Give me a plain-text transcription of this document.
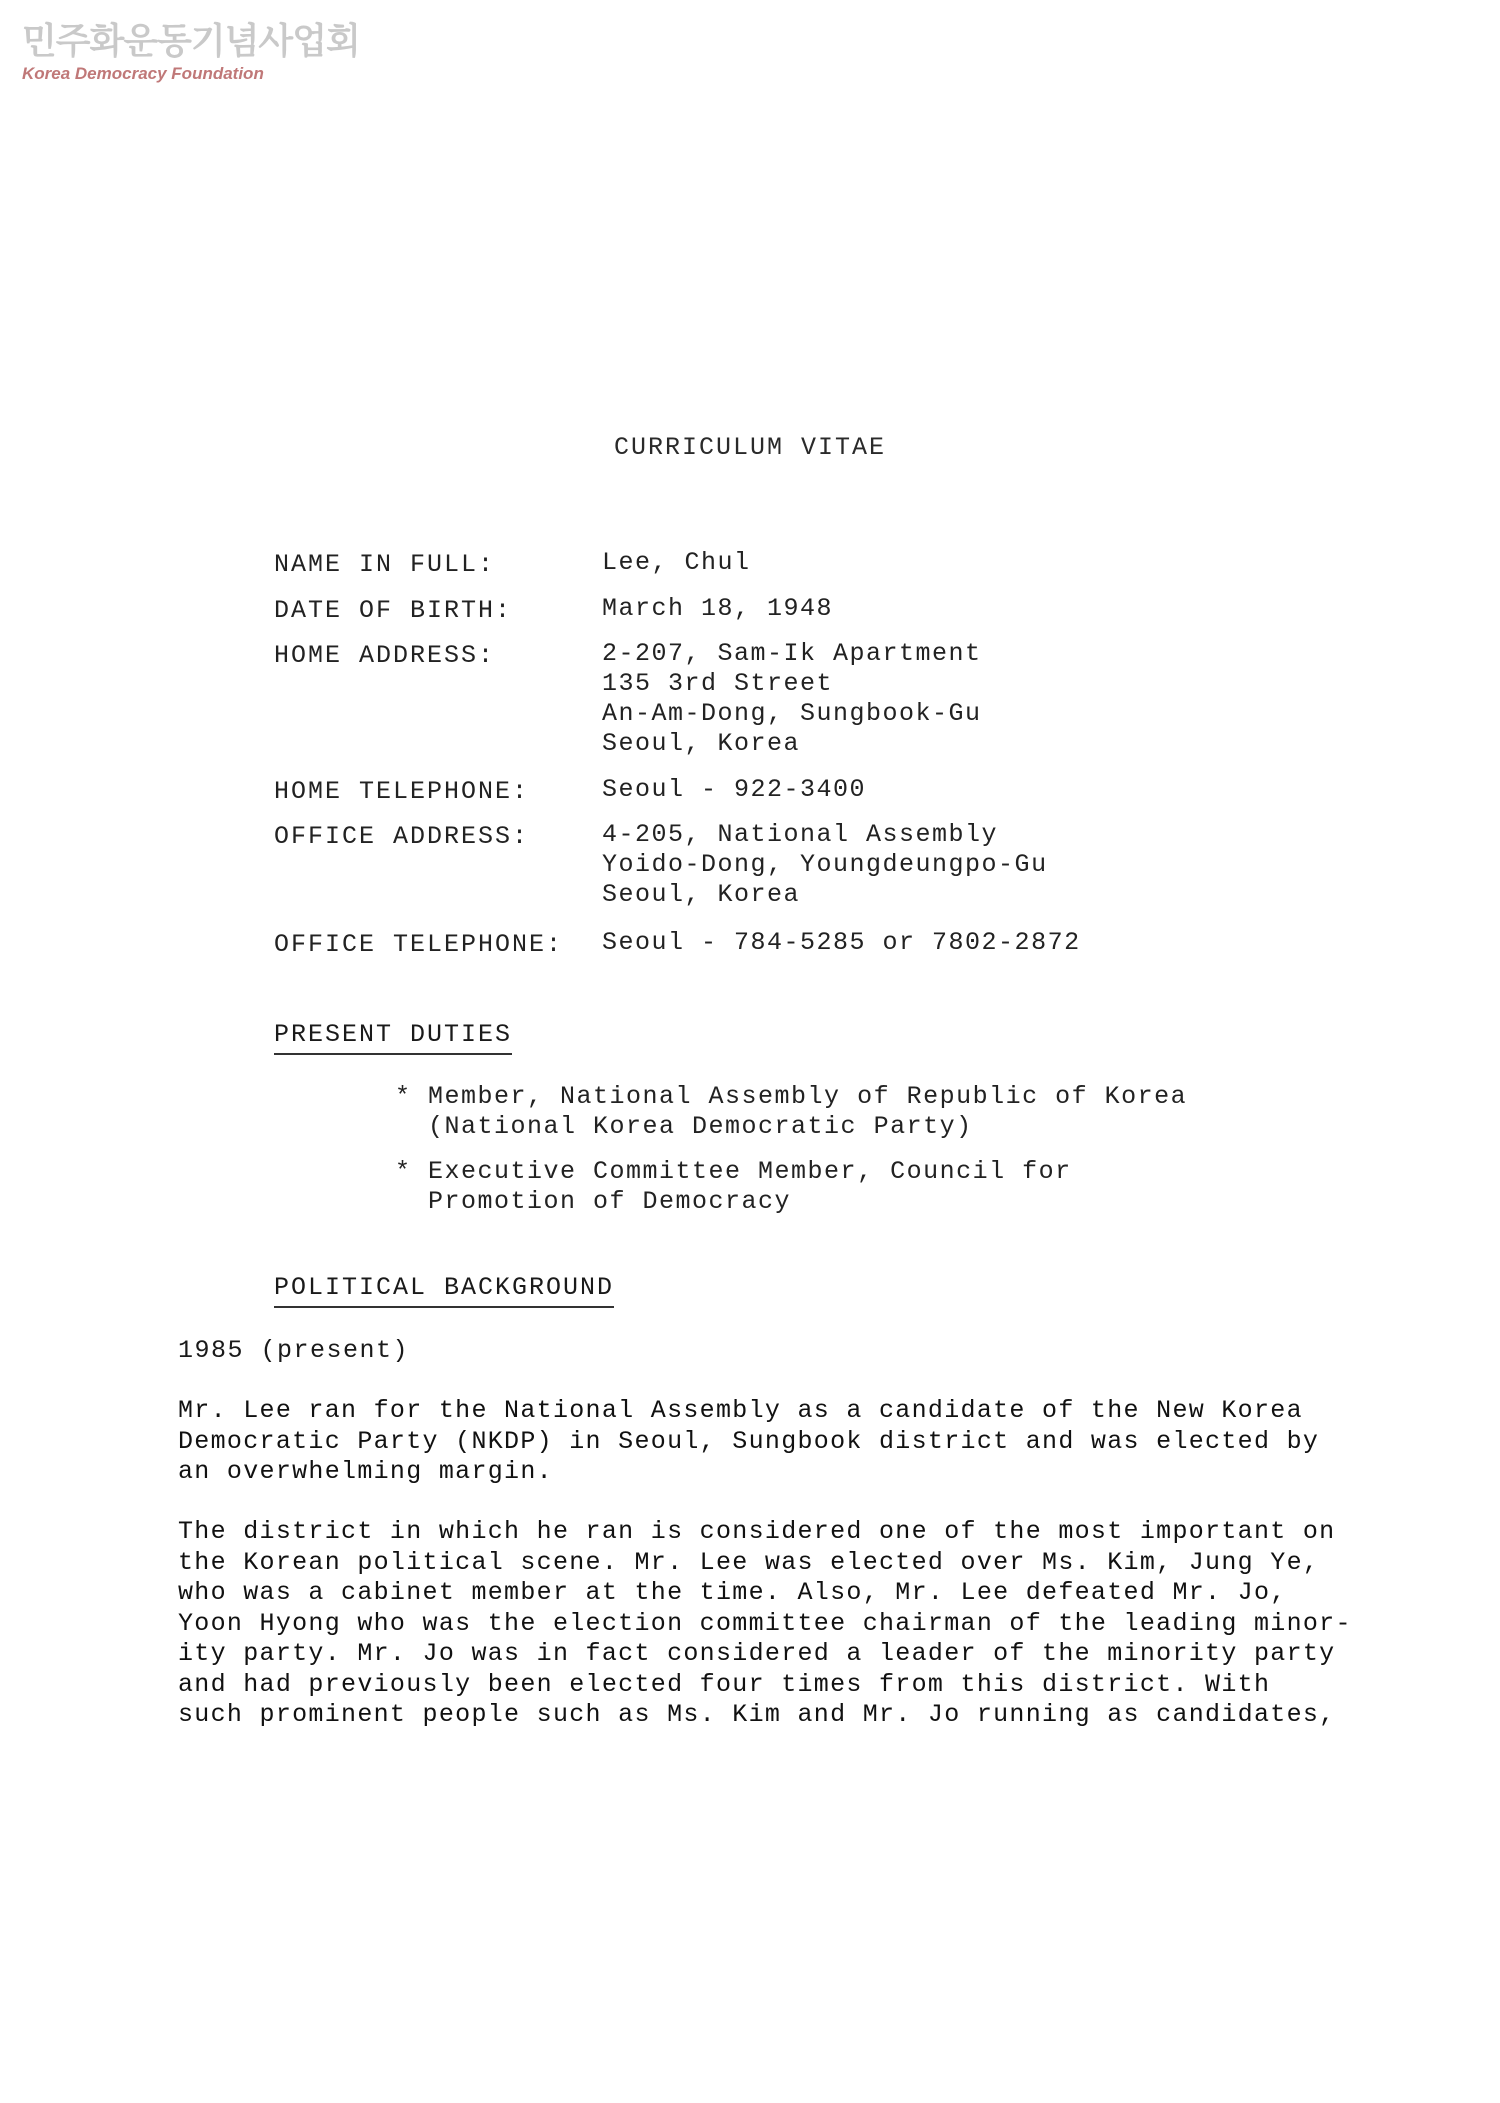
민주화운동기념사업회
Korea Democracy Foundation
CURRICULUM VITAE
NAME IN FULL:	Lee, Chul
DATE OF BIRTH:	March 18, 1948
HOME ADDRESS:	2-207, Sam-Ik Apartment
135 3rd Street
An-Am-Dong, Sungbook-Gu
Seoul, Korea
HOME TELEPHONE:	Seoul - 922-3400
OFFICE ADDRESS:	4-205, National Assembly
Yoido-Dong, Youngdeungpo-Gu
Seoul, Korea
OFFICE TELEPHONE: Seoul - 784-5285 or 7802-2872
PRESENT DUTIES
* Member, National Assembly of Republic of Korea
(National Korea Democratic Party)
* Executive Committee Member, Council for
Promotion of Democracy
POLITICAL BACKGROUND
1985 (present)
Mr. Lee ran for the National Assembly as a candidate of the New Korea
Democratic Party (NKDP) in Seoul, Sungbook district and was elected by
an overwhelming margin.
The district in which he ran is considered one of the most important on
the Korean political scene. Mr. Lee was elected over Ms. Kim, Jung Ye,
who was a cabinet member at the time. Also, Mr. Lee defeated Mr. Jo,
Yoon Hyong who was the election committee chairman of the leading minor-
ity party. Mr. Jo was in fact considered a leader of the minority party
and had previously been elected four times from this district. With
such prominent people such as Ms. Kim and Mr. Jo running as candidates,
